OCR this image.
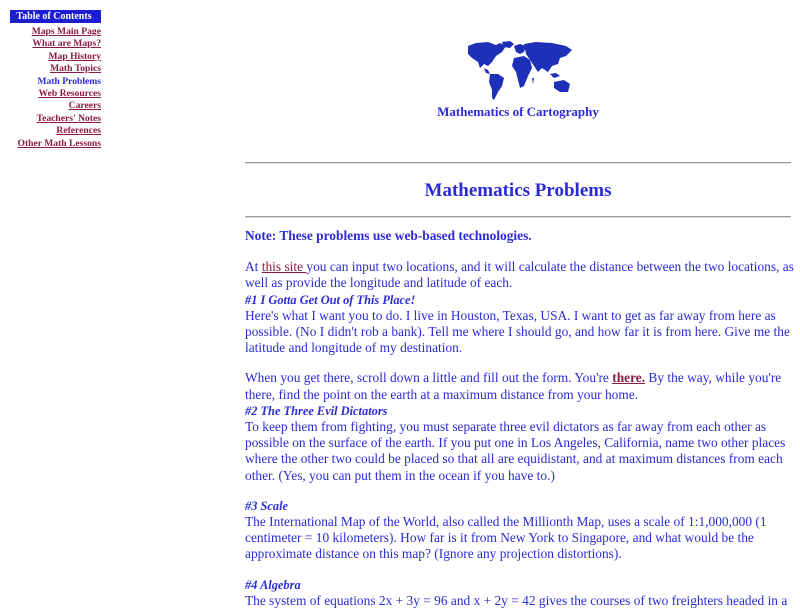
Table of Contents
Maps Main Page
What are Maps?
Map History
Math Topics
Math Problems
Web Resources
Careers
Teachers' Notes
References
Other Math Lessons
Mathematics of Cartography
Mathematics Problems

Note: These problems use web-based technologies.

At this site you can input two locations, and it will calculate the distance between the two locations, as well as provide the longitude and latitude of each.

#1 I Gotta Get Out of This Place!

Here's what I want you to do. I live in Houston, Texas, USA. I want to get as far away from here as possible. (No I didn't rob a bank). Tell me where I should go, and how far it is from here. Give me the latitude and longitude of my destination.

When you get there, scroll down a little and fill out the form. You're there. By the way, while you're there, find the point on the earth at a maximum distance from your home.

#2 The Three Evil Dictators

To keep them from fighting, you must separate three evil dictators as far away from each other as possible on the surface of the earth. If you put one in Los Angeles, California, name two other places where the other two could be placed so that all are equidistant, and at maximum distances from each other. (Yes, you can put them in the ocean if you have to.)

#3 Scale

The International Map of the World, also called the Millionth Map, uses a scale of 1:1,000,000 (1 centimeter = 10 kilometers). How far is it from New York to Singapore, and what would be the approximate distance on this map? (Ignore any projection distortions).

#4 Algebra

The system of equations 2x + 3y = 96 and x + 2y = 42 gives the courses of two freighters headed in a
